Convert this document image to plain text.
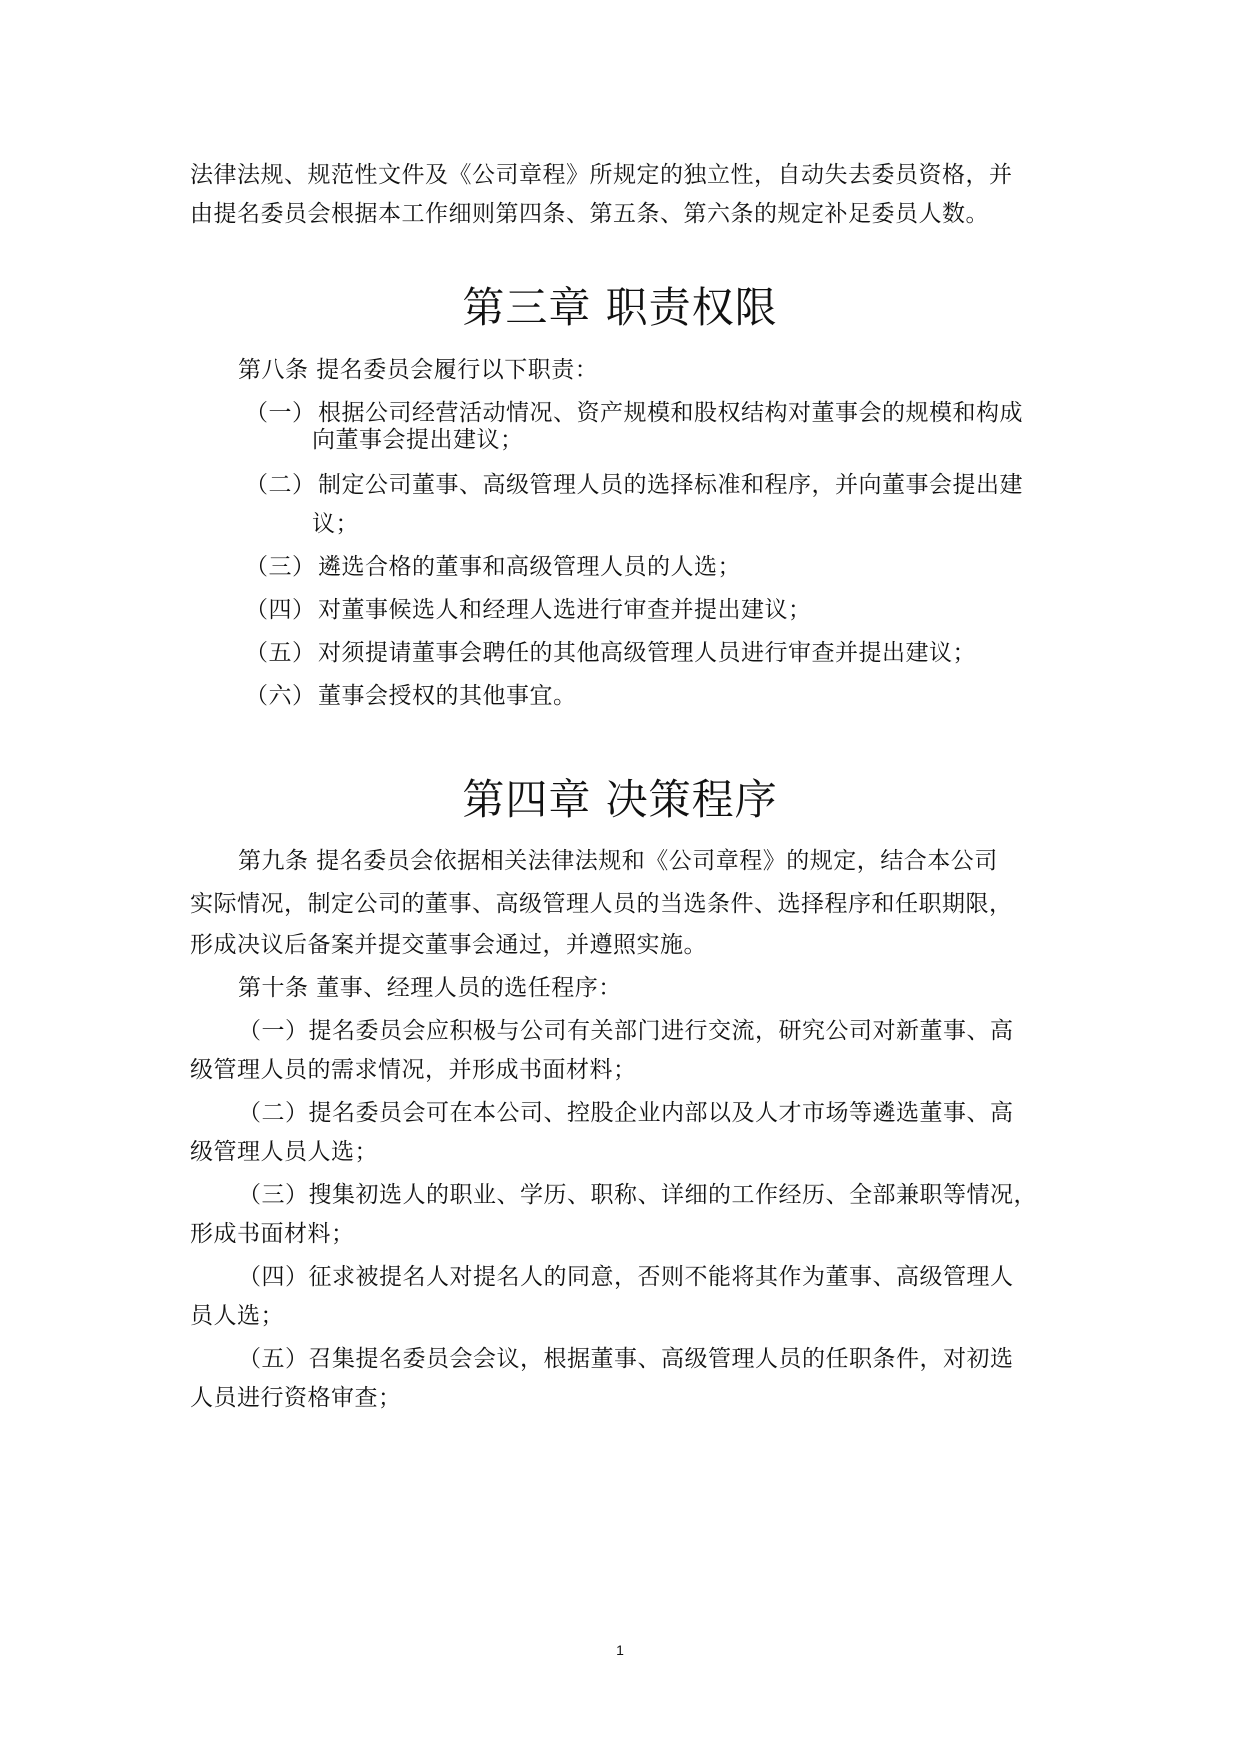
法律法规、规范性文件及《公司章程》所规定的独立性，自动失去委员资格，并
由提名委员会根据本工作细则第四条、第五条、第六条的规定补足委员人数。
第三章 职责权限
第八条 提名委员会履行以下职责：
（一） 根据公司经营活动情况、资产规模和股权结构对董事会的规模和构成
向董事会提出建议；
（二） 制定公司董事、高级管理人员的选择标准和程序，并向董事会提出建
议；
（三） 遴选合格的董事和高级管理人员的人选；
（四） 对董事候选人和经理人选进行审查并提出建议；
（五） 对须提请董事会聘任的其他高级管理人员进行审查并提出建议；
（六） 董事会授权的其他事宜。
第四章 决策程序
第九条 提名委员会依据相关法律法规和《公司章程》的规定，结合本公司
实际情况，制定公司的董事、高级管理人员的当选条件、选择程序和任职期限，
形成决议后备案并提交董事会通过，并遵照实施。
第十条 董事、经理人员的选任程序：
（一）提名委员会应积极与公司有关部门进行交流，研究公司对新董事、高
级管理人员的需求情况，并形成书面材料；
（二）提名委员会可在本公司、控股企业内部以及人才市场等遴选董事、高
级管理人员人选；
（三）搜集初选人的职业、学历、职称、详细的工作经历、全部兼职等情况，
形成书面材料；
（四）征求被提名人对提名人的同意，否则不能将其作为董事、高级管理人
员人选；
（五）召集提名委员会会议，根据董事、高级管理人员的任职条件，对初选
人员进行资格审查；
1
